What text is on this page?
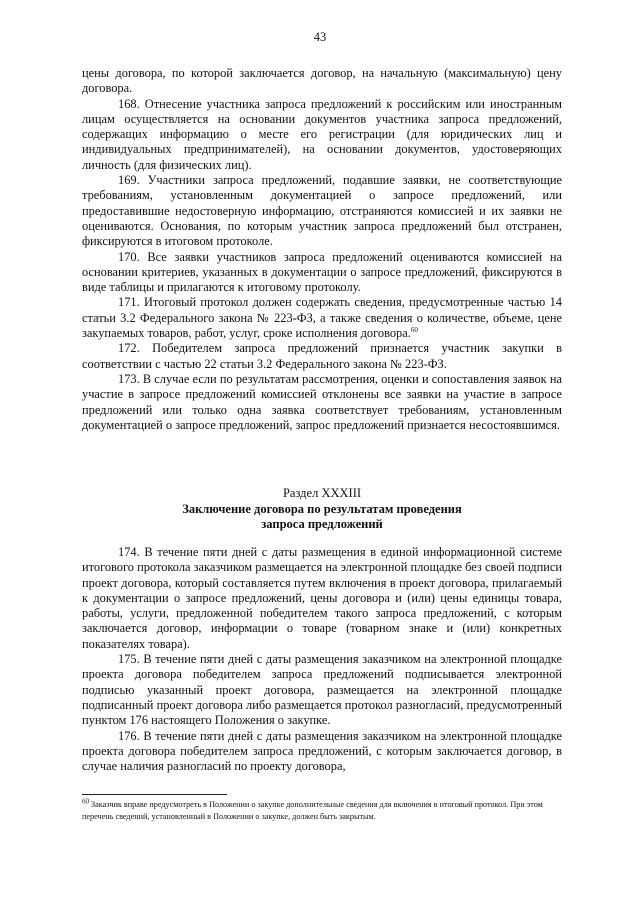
43

цены договора, по которой заключается договор, на начальную (максимальную) цену договора.

168. Отнесение участника запроса предложений к российским или иностранным лицам осуществляется на основании документов участника запроса предложений, содержащих информацию о месте его регистрации (для юридических лиц и индивидуальных предпринимателей), на основании документов, удостоверяющих личность (для физических лиц).

169. Участники запроса предложений, подавшие заявки, не соответствующие требованиям, установленным документацией о запросе предложений, или предоставившие недостоверную информацию, отстраняются комиссией и их заявки не оцениваются. Основания, по которым участник запроса предложений был отстранен, фиксируются в итоговом протоколе.

170. Все заявки участников запроса предложений оцениваются комиссией на основании критериев, указанных в документации о запросе предложений, фиксируются в виде таблицы и прилагаются к итоговому протоколу.

171. Итоговый протокол должен содержать сведения, предусмотренные частью 14 статьи 3.2 Федерального закона № 223-ФЗ, а также сведения о количестве, объеме, цене закупаемых товаров, работ, услуг, сроке исполнения договора.$^{60}$

172. Победителем запроса предложений признается участник закупки в соответствии с частью 22 статьи 3.2 Федерального закона № 223-ФЗ.

173. В случае если по результатам рассмотрения, оценки и сопоставления заявок на участие в запросе предложений комиссией отклонены все заявки на участие в запросе предложений или только одна заявка соответствует требованиям, установленным документацией о запросе предложений, запрос предложений признается несостоявшимся.

Раздел XXXIII
Заключение договора по результатам проведения
запроса предложений

174. В течение пяти дней с даты размещения в единой информационной системе итогового протокола заказчиком размещается на электронной площадке без своей подписи проект договора, который составляется путем включения в проект договора, прилагаемый к документации о запросе предложений, цены договора и (или) цены единицы товара, работы, услуги, предложенной победителем такого запроса предложений, с которым заключается договор, информации о товаре (товарном знаке и (или) конкретных показателях товара).

175. В течение пяти дней с даты размещения заказчиком на электронной площадке проекта договора победителем запроса предложений подписывается электронной подписью указанный проект договора, размещается на электронной площадке подписанный проект договора либо размещается протокол разногласий, предусмотренный пунктом 176 настоящего Положения о закупке.

176. В течение пяти дней с даты размещения заказчиком на электронной площадке проекта договора победителем запроса предложений, с которым заключается договор, в случае наличия разногласий по проекту договора,

$^{60}$ Заказчик вправе предусмотреть в Положении о закупке дополнительные сведения для включения в итоговый протокол. При этом перечень сведений, установленный в Положении о закупке, должен быть закрытым.
